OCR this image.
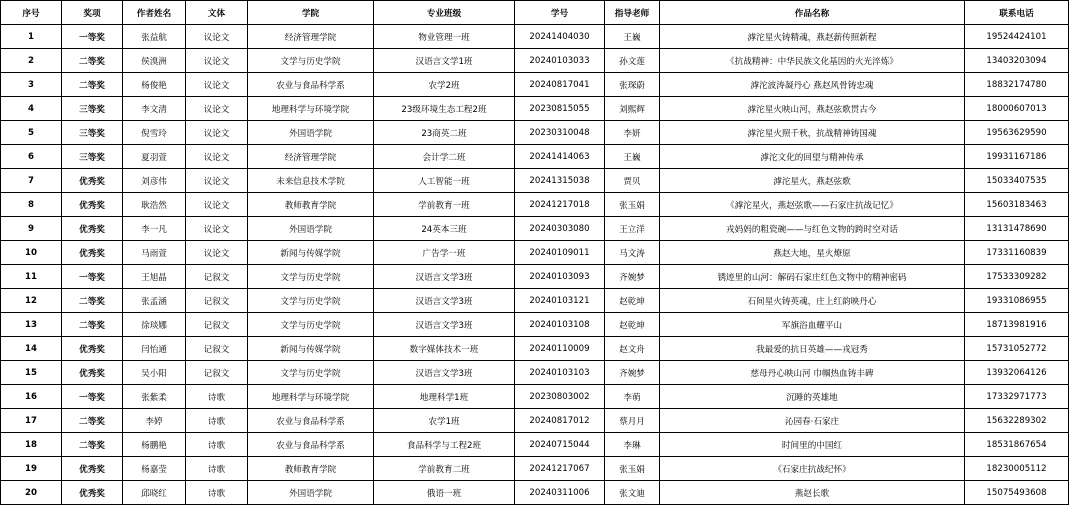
序号	奖项	作者姓名	文体	学院	专业班级	学号	指导老师	作品名称	联系电话
1	一等奖	张益航	议论文	经济管理学院	物业管理一班	20241404030	王巍	滹沱星火铸精魂，燕赵薪传照新程	19524424101
2	二等奖	侯溴洲	议论文	文学与历史学院	汉语言文学1班	20240103033	孙文莲	《抗战精神：中华民族文化基因的火光淬炼》	13403203094
3	二等奖	杨俊艳	议论文	农业与食品科学系	农学2班	20240817041	张琛蔚	滹沱波涛凝丹心 燕赵风骨铸忠魂	18832174780
4	三等奖	李文清	议论文	地理科学与环境学院	23级环境生态工程2班	20230815055	刘熙辉	滹沱星火映山河，燕赵弦歌贯古今	18000607013
5	三等奖	倪雪玲	议论文	外国语学院	23商英二班	20230310048	李妍	滹沱星火照千秋，抗战精神铸国魂	19563629590
6	三等奖	夏羽萱	议论文	经济管理学院	会计学二班	20241414063	王巍	滹沱文化的回望与精神传承	19931167186
7	优秀奖	刘彦伟	议论文	未来信息技术学院	人工智能一班	20241315038	贾贝	滹沱星火，燕赵弦歌	15033407535
8	优秀奖	耿浩然	议论文	教师教育学院	学前教育一班	20241217018	张玉娟	《滹沱星火，燕赵弦歌——石家庄抗战记忆》	15603183463
9	优秀奖	李一凡	议论文	外国语学院	24英本三班	20240303080	王立洋	戎妈妈的粗瓷碗——与红色文物的跨时空对话	13131478690
10	优秀奖	马雨萱	议论文	新闻与传媒学院	广告学一班	20240109011	马文涛	燕赵大地，星火燎原	17331160839
11	一等奖	王旭晶	记叙文	文学与历史学院	汉语言文学3班	20240103093	齐婉梦	锈迹里的山河：解码石家庄红色文物中的精神密码	17533309282
12	二等奖	张孟涵	记叙文	文学与历史学院	汉语言文学3班	20240103121	赵乾坤	石间星火铸英魂，庄上红韵映丹心	19331086955
13	二等奖	徐琰娜	记叙文	文学与历史学院	汉语言文学3班	20240103108	赵乾坤	军旗浴血耀平山	18713981916
14	优秀奖	闫怡通	记叙文	新闻与传媒学院	数字媒体技术一班	20240110009	赵文舟	我最爱的抗日英雄——戎冠秀	15731052772
15	优秀奖	吴小阳	记叙文	文学与历史学院	汉语言文学3班	20240103103	齐婉梦	慈母丹心映山河 巾帼热血铸丰碑	13932064126
16	一等奖	张紫柔	诗歌	地理科学与环境学院	地理科学1班	20230803002	李萌	沉睡的英雄地	17332971773
17	二等奖	李婷	诗歌	农业与食品科学系	农学1班	20240817012	蔡月月	沁园春·石家庄	15632289302
18	二等奖	杨鹏艳	诗歌	农业与食品科学系	食品科学与工程2班	20240715044	李琳	时间里的中国红	18531867654
19	优秀奖	杨嘉莹	诗歌	教师教育学院	学前教育二班	20241217067	张玉娟	《石家庄抗战纪怀》	18230005112
20	优秀奖	邱晓红	诗歌	外国语学院	俄语一班	20240311006	张文迪	燕赵长歌	15075493608
